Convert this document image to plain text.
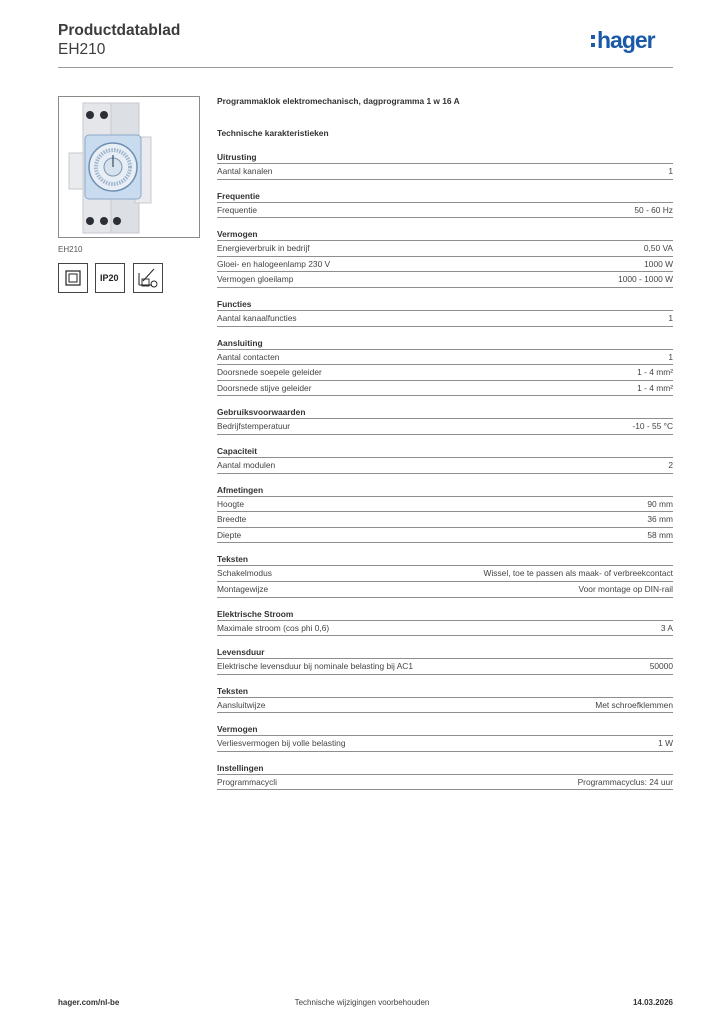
Productdatablad
EH210	hager
EH210
IP20
Programmaklok elektromechanisch, dagprogramma 1 w 16 A
Technische karakteristieken
Uitrusting
Aantal kanalen	1
Frequentie
Frequentie	50 - 60 Hz
Vermogen
Energieverbruik in bedrijf	0,50 VA
Gloei- en halogeenlamp 230 V	1000 W
Vermogen gloeilamp	1000 - 1000 W
Functies
Aantal kanaalfuncties	1
Aansluiting
Aantal contacten	1
Doorsnede soepele geleider	1 - 4 mm²
Doorsnede stijve geleider	1 - 4 mm²
Gebruiksvoorwaarden
Bedrijfstemperatuur	-10 - 55 °C
Capaciteit
Aantal modulen	2
Afmetingen
Hoogte	90 mm
Breedte	36 mm
Diepte	58 mm
Teksten
Schakelmodus	Wissel, toe te passen als maak- of verbreekcontact
Montagewijze	Voor montage op DIN-rail
Elektrische Stroom
Maximale stroom (cos phi 0,6)	3 A
Levensduur
Elektrische levensduur bij nominale belasting bij AC1	50000
Teksten
Aansluitwijze	Met schroefklemmen
Vermogen
Verliesvermogen bij volle belasting	1 W
Instellingen
Programmacycli	Programmacyclus: 24 uur
hager.com/nl-be	Technische wijzigingen voorbehouden	14.03.2026
